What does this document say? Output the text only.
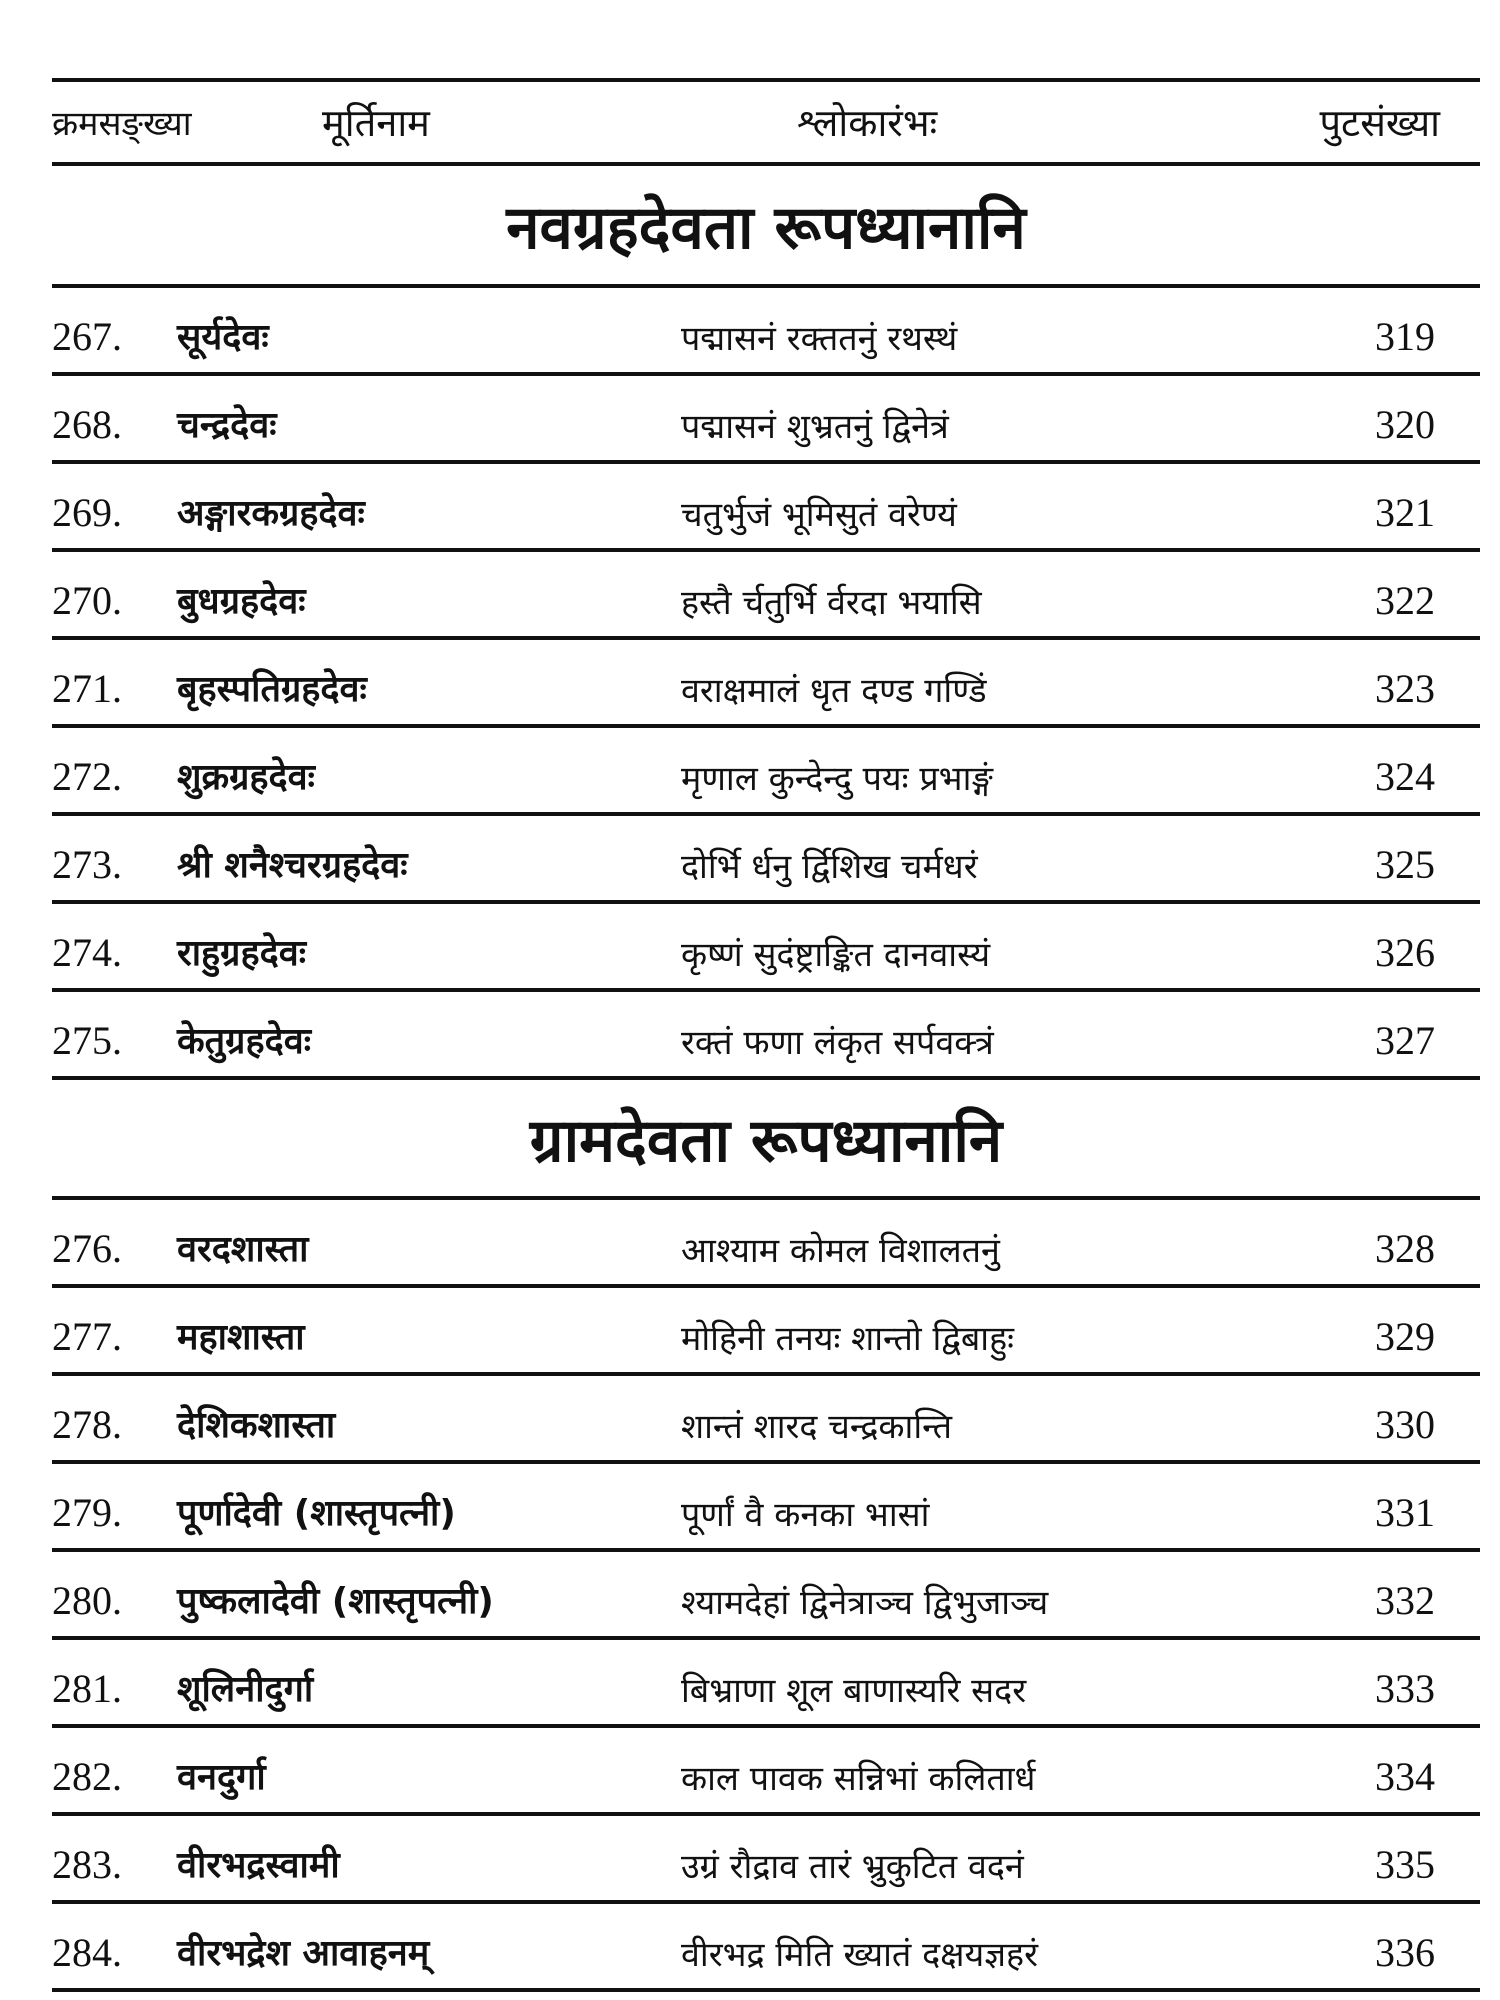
क्रमसङ्ख्या	मूर्तिनाम	श्लोकारंभः	पुटसंख्या
नवग्रहदेवता रूपध्यानानि
267. सूर्यदेवः	पद्मासनं रक्ततनुं रथस्थं	319
268. चन्द्रदेवः	पद्मासनं शुभ्रतनुं द्विनेत्रं	320
269. अङ्गारकग्रहदेवः	चतुर्भुजं भूमिसुतं वरेण्यं	321
270. बुधग्रहदेवः	हस्तै र्चतुर्भि र्वरदा भयासि	322
271. बृहस्पतिग्रहदेवः	वराक्षमालं धृत दण्ड गण्डिं	323
272. शुक्रग्रहदेवः	मृणाल कुन्देन्दु पयः प्रभाङ्गं	324
273. श्री शनैश्चरग्रहदेवः	दोर्भि र्धनु र्द्विशिख चर्मधरं	325
274. राहुग्रहदेवः	कृष्णं सुदंष्ट्राङ्कित दानवास्यं	326
275. केतुग्रहदेवः	रक्तं फणा लंकृत सर्पवक्त्रं	327
ग्रामदेवता रूपध्यानानि
276. वरदशास्ता	आश्याम कोमल विशालतनुं	328
277. महाशास्ता	मोहिनी तनयः शान्तो द्विबाहुः	329
278. देशिकशास्ता	शान्तं शारद चन्द्रकान्ति	330
279. पूर्णादेवी (शास्तृपत्नी)	पूर्णां वै कनका भासां	331
280. पुष्कलादेवी (शास्तृपत्नी)	श्यामदेहां द्विनेत्राञ्च द्विभुजाञ्च	332
281. शूलिनीदुर्गा	बिभ्राणा शूल बाणास्यरि सदर	333
282. वनदुर्गा	काल पावक सन्निभां कलितार्ध	334
283. वीरभद्रस्वामी	उग्रं रौद्राव तारं भ्रुकुटित वदनं	335
284. वीरभद्रेश आवाहनम्	वीरभद्र मिति ख्यातं दक्षयज्ञहरं	336
